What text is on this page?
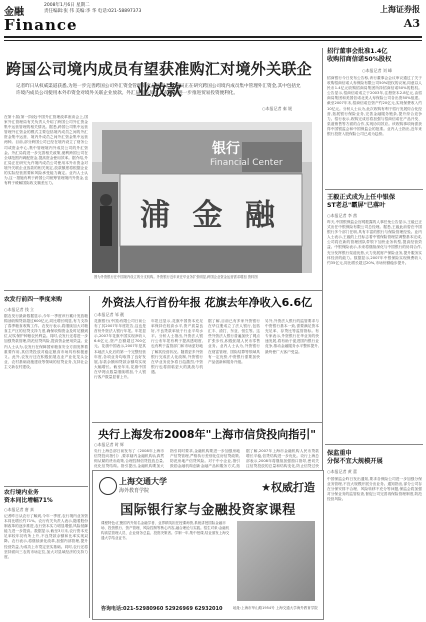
金融
Finance
2008年1月6日 星期二
责任编辑:张 伟 美编:李 华 电话:021-58897373	上海证券报
A3
跨国公司境内成员有望获准购汇对境外关联企业放款
记者昨日从权威渠道获悉,为进一步完善跨国公司外汇资金管理制度,国家外汇管理局正在研究跨国公司境内成员集中管理外汇资金,其中包括允许境内成员公司使用本外币资金对境外关联企业放款。外汇局相关负责人表示,将进一步推进贸易投资便利化。
○本报记者 秦 媛
在第十届(第一阶段)中国外汇管理改革座谈会上,国家外汇管理局有关负责人介绍了跨国公司外汇资金集中运营管理的相关情况。据悉,跨国公司集中运营管理外汇资金的模式主要包括境内成员之间的外汇资金集中运营、境内外成员之间外汇资金集中运营两种。目前,部分跨国公司已经在境内设立了财务公司或资金中心,集中管理境内外成员公司的外汇资金。外汇局将进一步完善相关政策,便利跨国公司在全球范围内调配资金,提高资金使用效率。据介绍,外汇局正在研究允许境内成员公司使用本外币资金对境外关联企业放款的相关规定,放款额度将根据企业的实际经营需要和风险承受能力确定。业内人士认为,这一措施有利于跨国公司统筹管理境内外资金,也有利于缓解国际收支顺差压力。
银行
Financial Center
浦 金 融
图为外资银行在中国境内设立的分支机构。外资银行近年来在华业务扩张明显,跨国企业资金运营需求增加 资料图
招行董事会批准1.4亿
收购招商信诺50%股权
○本报记者 刘 峰
招商银行今日发布公告称,该行董事会会议审议通过了关于收购招商信诺人寿保险有限公司50%股权的议案,同意以人民币1.4亿元收购招商局集团所持招商信诺50%的股权。公告显示,招商信诺成立于2003年,注册资本2.8亿元,由招商局集团和美国信诺北美人寿保险公司各出资50%组建。截至2007年末,招商信诺总资产约20亿元,实现保费收入约10亿元。分析人士认为,此次收购有利于招行发展综合化经营,拓展银行保险业务,完善金融服务链条,提升综合竞争力。招行表示,收购完成后将加强与招商信诺在产品开发、渠道销售等方面的合作,实现协同效应。该收购事项尚需获得中国银监会和中国保监会的批准。业内人士指出,近年来银行投资入股保险公司已成为趋势。
王毅正式成为上任中银保
ST老总"霸屏"已落叶
○本报记者 李 茜
昨天,中国银保监会官网披露的人事任免公告显示,王毅已正式出任中银保险有限公司总经理。据悉,王毅此前曾在中国银行多个部门任职,具有丰富的银行与保险管理经验。业内人士表示,王毅的上任标志着中银保险管理层调整基本完成,公司将在新的管理团队带领下加快业务转型,提高经营效益。中银保险表示,未来将继续深化与中国银行的协同合作,充分发挥银行渠道优势,大力发展财产保险业务,提升服务实体经济的能力。数据显示,2007年中银保险实现保费收入约35亿元,同比增长超过20%,市场份额稳步提升。
保监重申
分保不宜大规模开展
○本报记者 黄 蕾
中国保监会昨日发出通知,要求各保险公司进一步加强分保业务管理,不宜大规模开展分出业务。通知指出,部分公司存在分保安排不合理、风险转移不充分等问题,保监会将加强对分保业务的监管检查,督促公司完善再保险管理制度,防范经营风险。
农发行前四一季度来购
○本报记者 钱 立
据农发行最新数据显示,今年一季度该行累计发放粮棉油收购贷款超过600亿元,同比增长明显,有力支持了春季粮食收购工作。农发行表示,将继续加大对粮食主产区的信贷支持力度,确保收购资金及时足额到位,切实保护种粮农民利益。同时,农发行还将进一步加强贷款管理,防范信贷风险,提高资金使用效益。业内人士认为,农发行在保障国家粮食安全方面发挥着重要作用,其信贷投放对稳定粮食市场具有积极意义。此外,农发行还在积极拓展农业产业化龙头企业、农村基础设施建设等领域的信贷业务,支持社会主义新农村建设。
农行境内业务
资本同比增幅71%
○本报记者 唐 真
记者昨日从农行了解到,今年一季度,农行境内业务资本同比增长约71%。农行有关负责人表示,随着股份制改革的逐步推进,农行资本实力明显增强,风险抵御能力进一步提高。数据显示,截至3月末,农行资本充足率较年初有所上升,不良贷款余额和比率实现双降。农行表示,将继续深化改革,加强内部管理,提升经营效益,为成功上市奠定坚实基础。同时,农行还将坚持面向三农的市场定位,加大对县域经济的支持力度。
外资法人行首份年报 花旗去年净收入6.6亿
○本报记者 邹 靓
花旗银行(中国)有限公司日前公布了其2007年年度报告,这也是首份外资法人银行年报。年报显示,2007年花旗中国实现净收入6.6亿元,资产总额超过700亿元。花旗中国表示,2007年是其本地法人化后的第一个完整经营年度,各项业务均取得了良好发展,存款余额和贷款余额均实现大幅增长。截至年末,花旗中国在华网点数量继续增加,个人银行客户数量显著上升。
年报还显示,花旗中国资本充足率保持在较高水平,资产质量良好,不良贷款率低于行业平均水平。分析人士指出,外资法人银行公布年报有利于提高透明度,也有利于监管部门和市场更好地了解其经营状况。随着更多外资银行完成法人化改制,外资银行在华业务竞争将日趋激烈,中资银行也将面临更大的挑战与机遇。
据了解,目前已有多家外资银行在华注册成立了法人银行,包括汇丰、渣打、东亚、恒生等。这些外资法人银行普遍加快了网点扩张步伐,积极拓展人民币零售业务。业内人士认为,外资银行在财富管理、国际结算等领域具有一定优势,中资银行需要加快产品创新和服务升级。
另外,外资法人银行的监管要求与中资银行基本一致,需要满足资本充足率、存贷比等监管指标。有专家表示,外资银行在华业务的快速发展,将有助于促进国内银行业竞争,推动金融服务水平整体提升,最终使广大客户受益。
央行上海发布2008年"上海市信贷投向指引"
○本报记者 时 辉
央行上海总部日前发布了《2008年上海市信贷投向指引》,要求辖内金融机构认真贯彻从紧的货币政策,合理控制信贷投放总量,优化信贷结构。指引提出,金融机构要加大
指引同时要求,金融机构要进一步加强房地产信贷管理,严格执行差别化住房信贷政策,防范房地产信贷风险。对于中小企业,指引鼓励金融机构创新金融产品和服务方式,拓
据了解,2007年上海市金融机构人民币贷款增长平稳,信贷结构进一步优化。央行上海总部表示,2008年将继续加强窗口指导,密切关注信贷投放的总量和结构变化,防止信贷过快
上海交通大学
海外教育学院	★权威打造
国际银行家与金融投资家课程
课程特色:汇聚国内外知名金融学者、业界精英担任授课师资,系统讲授国际金融市场、投资银行、资产管理、风险控制等核心内容,融合理论与实践。招生对象:金融机构高层管理人员、企业财务总监、投资决策者。学制一年,集中授课,结业颁发上海交通大学结业证书。
咨询电话:021-52980960 52926969 62932010	地址:上海市华山路1954号 上海交通大学海外教育学院
